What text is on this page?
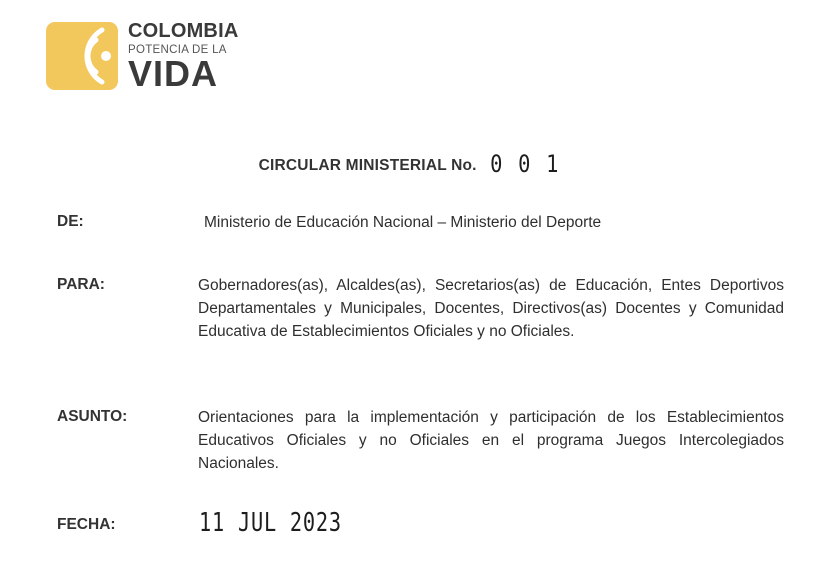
COLOMBIA
POTENCIA DE LA
VIDA
CIRCULAR MINISTERIAL No. 0 0 1
DE:	Ministerio de Educación Nacional – Ministerio del Deporte
PARA:	Gobernadores(as), Alcaldes(as), Secretarios(as) de Educación, Entes Deportivos Departamentales y Municipales, Docentes, Directivos(as) Docentes y Comunidad Educativa de Establecimientos Oficiales y no Oficiales.
ASUNTO:	Orientaciones para la implementación y participación de los Establecimientos Educativos Oficiales y no Oficiales en el programa Juegos Intercolegiados Nacionales.
FECHA:	11 JUL 2023
